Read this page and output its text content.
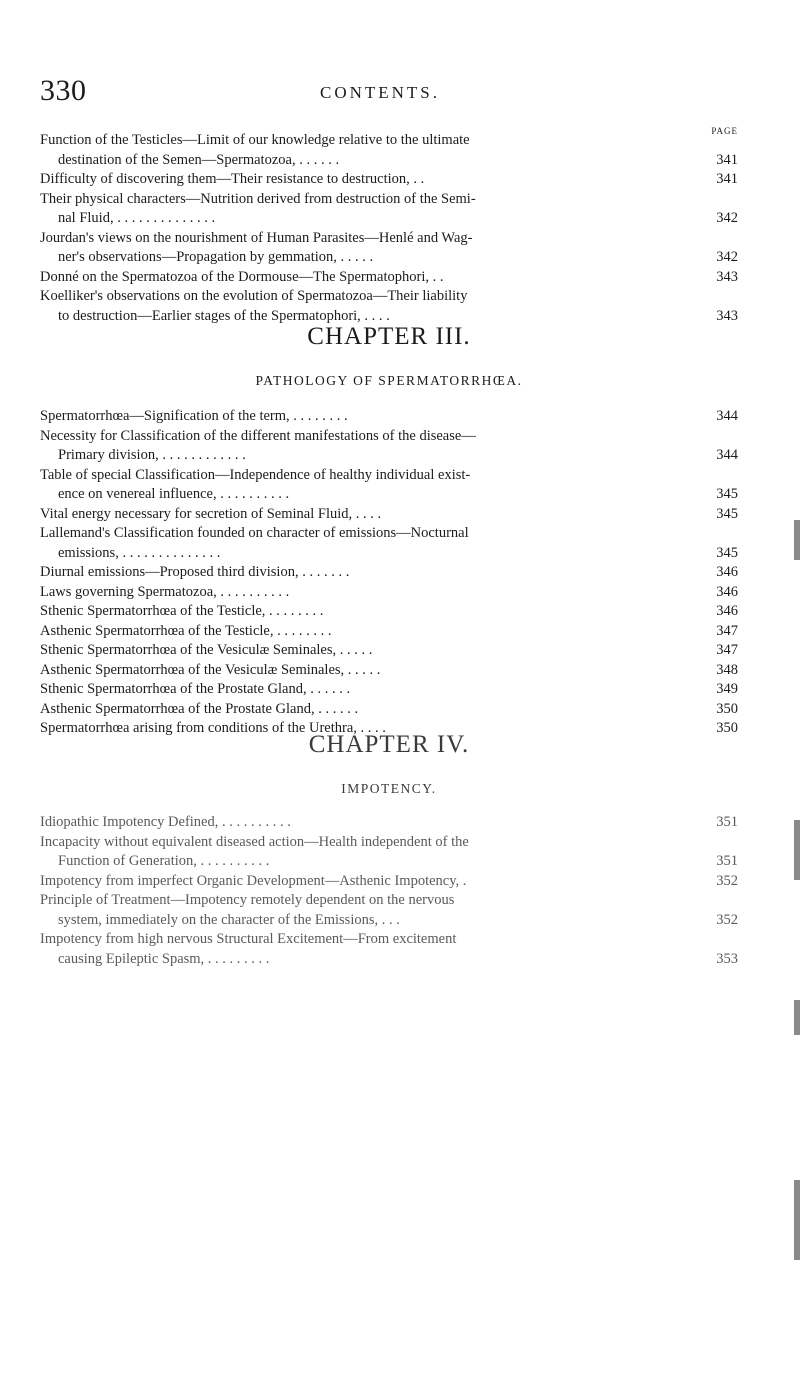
330	CONTENTS.
PAGE
Function of the Testicles—Limit of our knowledge relative to the ultimate
destination of the Semen—Spermatozoa, . . . . . .	341
Difficulty of discovering them—Their resistance to destruction, . .	341
Their physical characters—Nutrition derived from destruction of the Semi-
nal Fluid, . . . . . . . . . . . . . .	342
Jourdan's views on the nourishment of Human Parasites—Henlé and Wag-
ner's observations—Propagation by gemmation, . . . . .	342
Donné on the Spermatozoa of the Dormouse—The Spermatophori, . .	343
Koelliker's observations on the evolution of Spermatozoa—Their liability
to destruction—Earlier stages of the Spermatophori, . . . .	343
CHAPTER III.
PATHOLOGY OF SPERMATORRHŒA.
Spermatorrhœa—Signification of the term, . . . . . . . .	344
Necessity for Classification of the different manifestations of the disease—
Primary division, . . . . . . . . . . . .	344
Table of special Classification—Independence of healthy individual exist-
ence on venereal influence, . . . . . . . . . .	345
Vital energy necessary for secretion of Seminal Fluid, . . . .	345
Lallemand's Classification founded on character of emissions—Nocturnal
emissions, . . . . . . . . . . . . . .	345
Diurnal emissions—Proposed third division, . . . . . . .	346
Laws governing Spermatozoa, . . . . . . . . . .	346
Sthenic Spermatorrhœa of the Testicle, . . . . . . . .	346
Asthenic Spermatorrhœa of the Testicle, . . . . . . . .	347
Sthenic Spermatorrhœa of the Vesiculæ Seminales, . . . . .	347
Asthenic Spermatorrhœa of the Vesiculæ Seminales, . . . . .	348
Sthenic Spermatorrhœa of the Prostate Gland, . . . . . .	349
Asthenic Spermatorrhœa of the Prostate Gland, . . . . . .	350
Spermatorrhœa arising from conditions of the Urethra, . . . .	350
CHAPTER IV.
IMPOTENCY.
Idiopathic Impotency Defined, . . . . . . . . . .	351
Incapacity without equivalent diseased action—Health independent of the
Function of Generation, . . . . . . . . . .	351
Impotency from imperfect Organic Development—Asthenic Impotency, .	352
Principle of Treatment—Impotency remotely dependent on the nervous
system, immediately on the character of the Emissions, . . .	352
Impotency from high nervous Structural Excitement—From excitement
causing Epileptic Spasm, . . . . . . . . .	353
